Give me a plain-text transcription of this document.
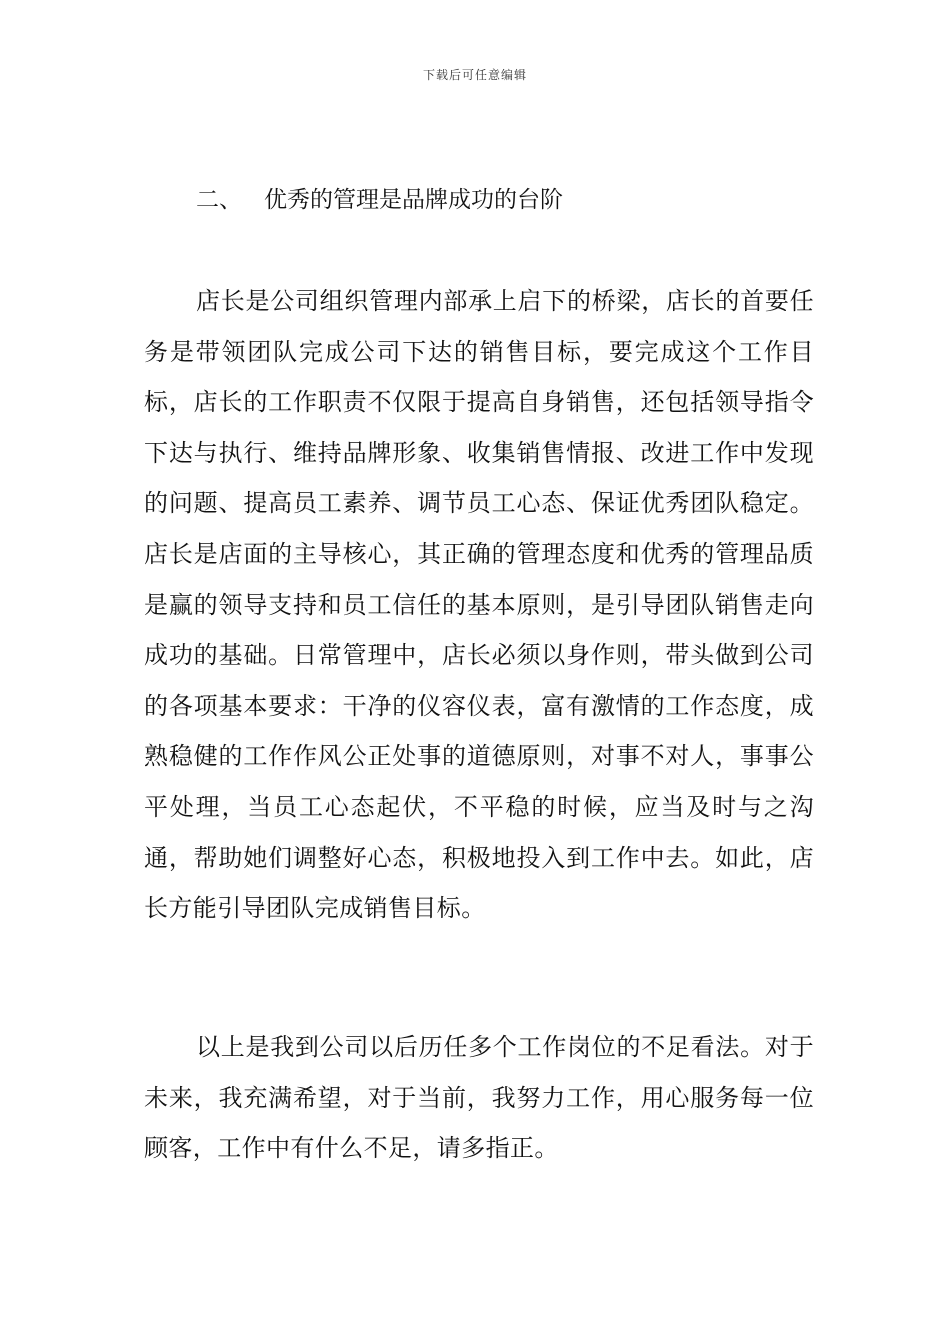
下载后可任意编辑
二、 优秀的管理是品牌成功的台阶

店长是公司组织管理内部承上启下的桥梁，店长的首要任务是带领团队完成公司下达的销售目标，要完成这个工作目标，店长的工作职责不仅限于提高自身销售，还包括领导指令下达与执行、维持品牌形象、收集销售情报、改进工作中发现的问题、提高员工素养、调节员工心态、保证优秀团队稳定。店长是店面的主导核心，其正确的管理态度和优秀的管理品质是赢的领导支持和员工信任的基本原则，是引导团队销售走向成功的基础。日常管理中，店长必须以身作则，带头做到公司的各项基本要求：干净的仪容仪表，富有激情的工作态度，成熟稳健的工作作风公正处事的道德原则，对事不对人，事事公平处理，当员工心态起伏，不平稳的时候，应当及时与之沟通，帮助她们调整好心态，积极地投入到工作中去。如此，店长方能引导团队完成销售目标。

以上是我到公司以后历任多个工作岗位的不足看法。对于未来，我充满希望，对于当前，我努力工作，用心服务每一位顾客，工作中有什么不足，请多指正。
